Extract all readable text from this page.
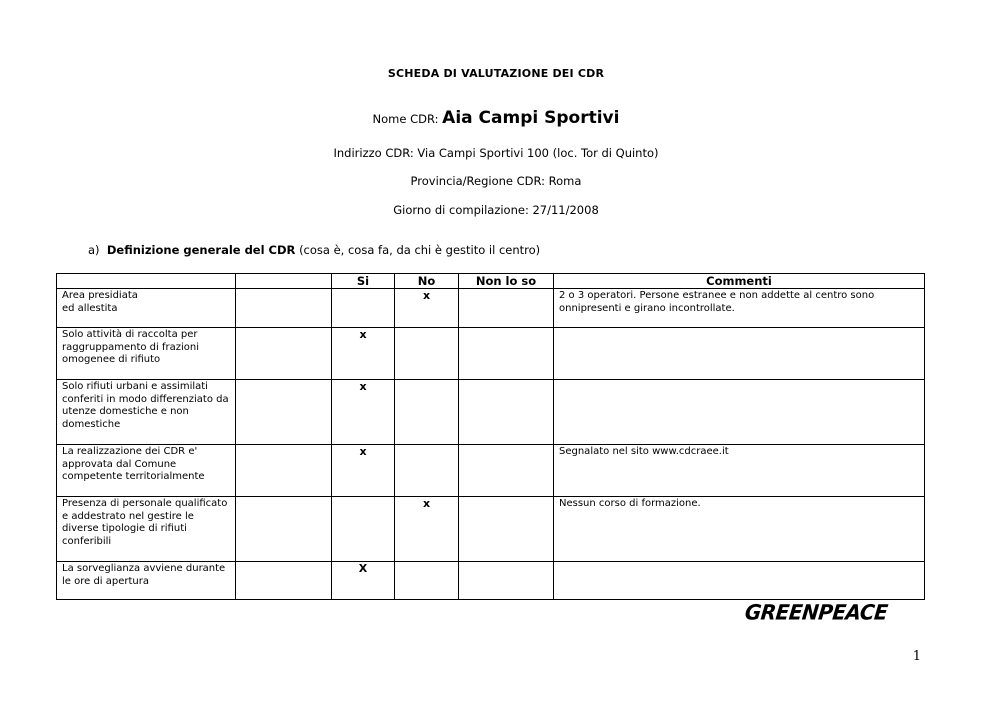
SCHEDA DI VALUTAZIONE DEI CDR
Nome CDR: Aia Campi Sportivi
Indirizzo CDR: Via Campi Sportivi 100 (loc. Tor di Quinto)
Provincia/Regione CDR: Roma
Giorno di compilazione: 27/11/2008
a) Definizione generale del CDR (cosa è, cosa fa, da chi è gestito il centro)
		Si	No	Non lo so	Commenti
Area presidiata
ed allestita			x		2 o 3 operatori. Persone estranee e non addette al centro sono onnipresenti e girano incontrollate.
Solo attività di raccolta per raggruppamento di frazioni omogenee di rifiuto		x			
Solo rifiuti urbani e assimilati conferiti in modo differenziato da utenze domestiche e non domestiche		x			
La realizzazione dei CDR e' approvata dal Comune competente territorialmente		x			Segnalato nel sito www.cdcraee.it
Presenza di personale qualificato e addestrato nel gestire le diverse tipologie di rifiuti conferibili			x		Nessun corso di formazione.
La sorveglianza avviene durante le ore di apertura		X			
GREENPEACE
1
